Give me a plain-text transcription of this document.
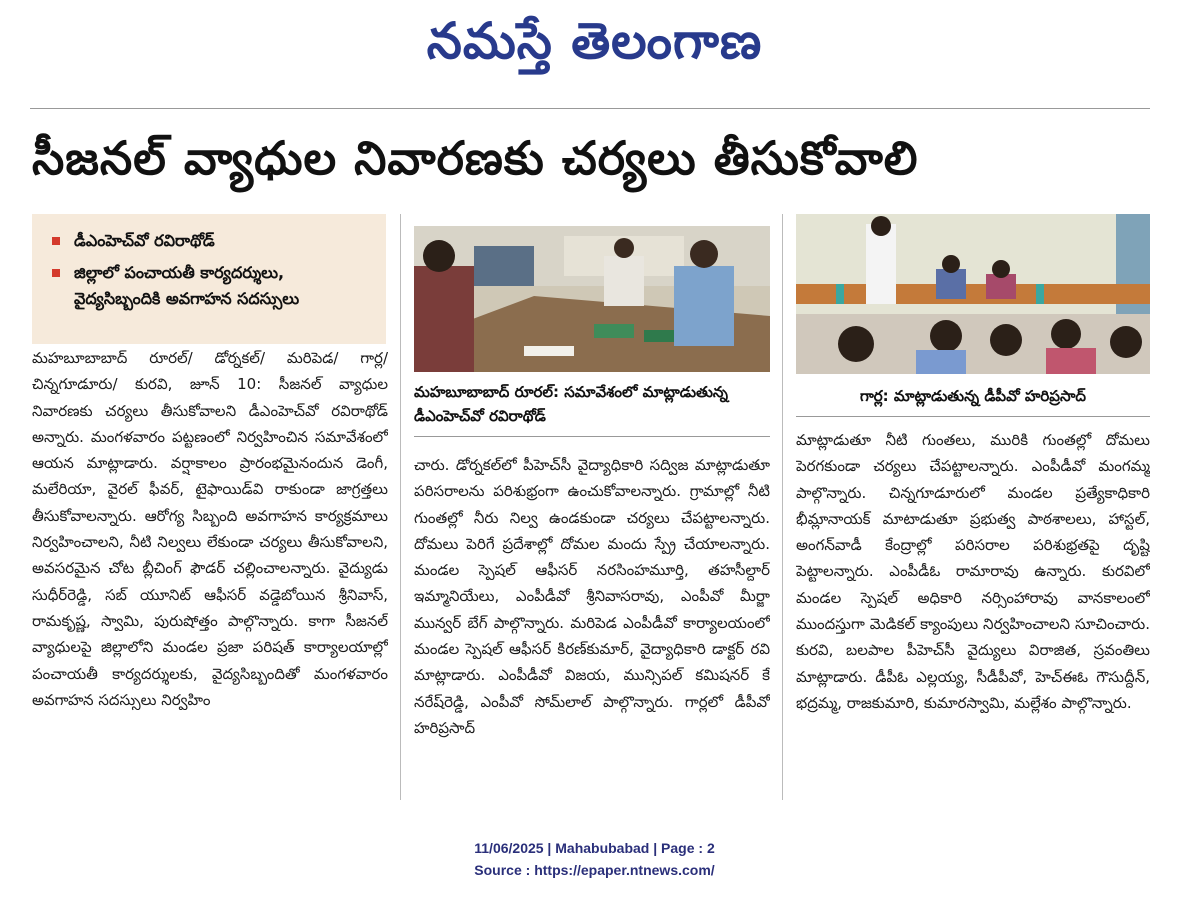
నమస్తే తెలంగాణ
సీజనల్ వ్యాధుల నివారణకు చర్యలు తీసుకోవాలి
డీఎంహెచ్‌వో రవిరాథోడ్
జిల్లాలో పంచాయతీ కార్యదర్శులు, వైద్యసిబ్బందికి అవగాహన సదస్సులు
మహబూబాబాద్ రూరల్/ డోర్నకల్/ మరిపెడ/ గార్ల/ చిన్నగూడూరు/ కురవి, జూన్ 10: సీజనల్ వ్యాధుల నివారణకు చర్యలు తీసుకోవాలని డీఎంహెచ్‌వో రవిరాథోడ్ అన్నారు. మంగళవారం పట్టణంలో నిర్వహించిన సమావేశంలో ఆయన మాట్లాడారు. వర్షాకాలం ప్రారంభమైనందున డెంగీ, మలేరియా, వైరల్ ఫీవర్, టైఫాయిడ్‌వి రాకుండా జాగ్రత్తలు తీసుకోవాలన్నారు. ఆరోగ్య సిబ్బంది అవగాహన కార్యక్రమాలు నిర్వహించాలని, నీటి నిల్వలు లేకుండా చర్యలు తీసుకోవాలని, అవసరమైన చోట బ్లీచింగ్ ఫౌడర్ చల్లించాలన్నారు. వైద్యుడు సుధీర్‌రెడ్డి, సబ్ యూనిట్ ఆఫీసర్ వడ్డెబోయిన శ్రీనివాస్, రామకృష్ణ, స్వామి, పురుషోత్తం పాల్గొన్నారు. కాగా సీజనల్ వ్యాధులపై జిల్లాలోని మండల ప్రజా పరిషత్ కార్యాలయాల్లో పంచాయతీ కార్యదర్శులకు, వైద్యసిబ్బందితో మంగళవారం అవగాహన సదస్సులు నిర్వహిం
మహబూబాబాద్ రూరల్: సమావేశంలో మాట్లాడుతున్న డీఎంహెచ్‌వో రవిరాథోడ్
చారు. డోర్నకల్‌లో పీహెచ్‌సీ వైద్యాధికారి సద్విజ మాట్లాడుతూ పరిసరాలను పరిశుభ్రంగా ఉంచుకోవాలన్నారు. గ్రామాల్లో నీటి గుంతల్లో నీరు నిల్వ ఉండకుండా చర్యలు చేపట్టాలన్నారు. దోమలు పెరిగే ప్రదేశాల్లో దోమల మందు స్ప్రే చేయాలన్నారు. మండల స్పెషల్ ఆఫీసర్ నరసింహమూర్తి, తహసీల్దార్ ఇమ్మానియేలు, ఎంపీడీవో శ్రీనివాసరావు, ఎంపీవో మీర్జా మున్వర్ బేగ్ పాల్గొన్నారు. మరిపెడ ఎంపీడీవో కార్యాలయంలో మండల స్పెషల్ ఆఫీసర్ కిరణ్‌కుమార్, వైద్యాధికారి డాక్టర్ రవి మాట్లాడారు. ఎంపీడీవో విజయ, మున్సిపల్ కమిషనర్ కే నరేష్‌రెడ్డి, ఎంపీవో సోమ్‌లాల్ పాల్గొన్నారు. గార్లలో డీపీవో హరిప్రసాద్
గార్ల: మాట్లాడుతున్న డీపీవో హరిప్రసాద్
మాట్లాడుతూ నీటి గుంతలు, మురికి గుంతల్లో దోమలు పెరగకుండా చర్యలు చేపట్టాలన్నారు. ఎంపీడీవో మంగమ్మ పాల్గొన్నారు. చిన్నగూడూరులో మండల ప్రత్యేకాధికారి భీమ్లానాయక్ మాటాడుతూ ప్రభుత్వ పాఠశాలలు, హాస్టల్, అంగన్‌వాడీ కేంద్రాల్లో పరిసరాల పరిశుభ్రతపై దృష్టి పెట్టాలన్నారు. ఎంపీడీఓ రామారావు ఉన్నారు. కురవిలో మండల స్పెషల్ అధికారి నర్సింహారావు వానకాలంలో ముందస్తుగా మెడికల్ క్యాంపులు నిర్వహించాలని సూచించారు. కురవి, బలపాల పీహెచ్‌సీ వైద్యులు విరాజిత, స్రవంతిలు మాట్లాడారు. డీపీఓ ఎల్లయ్య, సీడీపీవో, హెచ్ఈఓ గౌసుద్దీన్, భద్రమ్మ, రాజకుమారి, కుమారస్వామి, మల్లేశం పాల్గొన్నారు.
11/06/2025 | Mahabubabad | Page : 2
Source : https://epaper.ntnews.com/
